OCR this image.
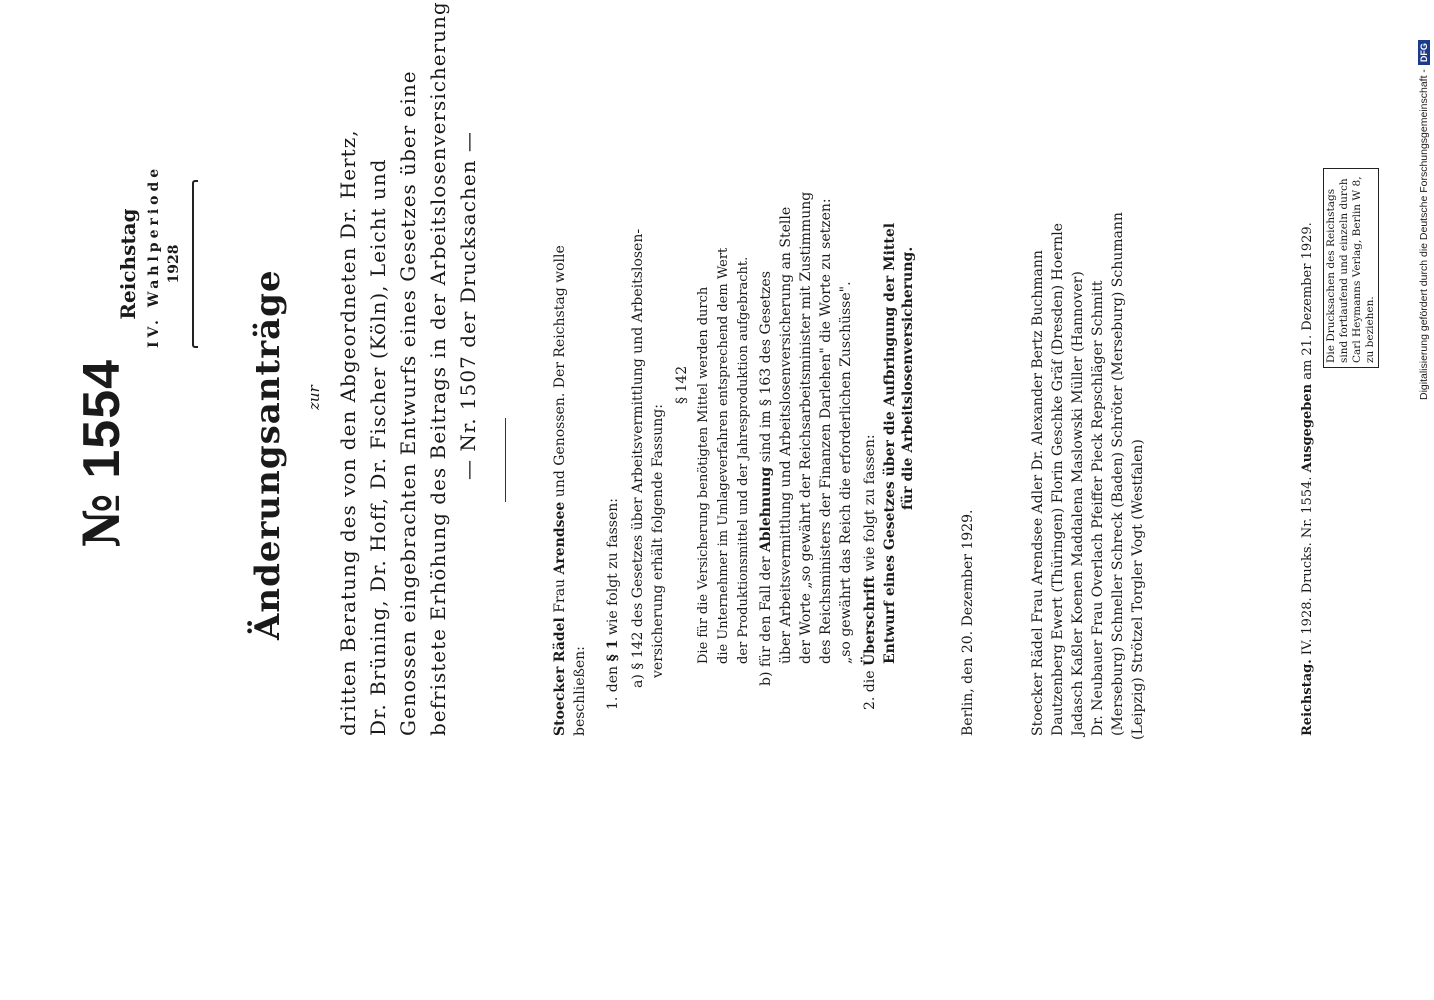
№1554
Reichstag IV. Wahlperiode 1928
Änderungsanträge zur dritten Beratung des von den Abgeordneten Dr. Hertz, Dr. Brüning, Dr. Hoff, Dr. Fischer (Köln), Leicht und Genossen eingebrachten Entwurfs eines Gesetzes über eine befristete Erhöhung des Beitrags in der Arbeitslosenversicherung — Nr. 1507 der Drucksachen —
Stoecker Rädel Frau Arendsee und Genossen. Der Reichstag wolle
beschließen: 1. den § 1 wie folgt zu fassen: a) § 142 des Gesetzes über Arbeitsvermittlung und Arbeitslosen- versicherung erhält folgende Fassung:
§ 142 Die für die Versicherung benötigten Mittel werden durch die Unternehmer im Umlageverfahren entsprechend dem Wert der Produktionsmittel und der Jahresproduktion aufgebracht. b) für den Fall der Ablehnung sind im § 163 des Gesetzes über Arbeitsvermittlung und Arbeitslosenversicherung an Stelle der Worte „so gewährt der Reichsarbeitsminister mit Zustimmung des Reichsministers der Finanzen Darlehen" die Worte zu setzen: „so gewährt das Reich die erforderlichen Zuschüsse".
2. die Überschrift wie folgt zu fassen: Entwurf eines Gesetzes über die Aufbringung der Mittel für die Arbeitslosenversicherung.
Berlin, den 20. Dezember 1929.	Stoecker Rädel Frau Arendsee Adler Dr. Alexander Bertz Buchmann Dautzenberg Ewert (Thüringen) Florin Geschke Gräf (Dresden) Hoernle Jadasch Kaßler Koenen Maddalena Maslowski Müller (Hannover) Dr. Neubauer Frau Overlach Pfeiffer Pieck Repschläger Schmitt (Merseburg) Schneller Schreck (Baden) Schröter (Merseburg) Schumann (Leipzig) Strötzel Torgler Vogt (Westfalen)	Reichstag. IV. 1928. Drucks. Nr. 1554. Ausgegeben am 21. Dezember 1929. Die Drucksachen des Reichstags sind fortlaufend und einzeln durch Carl Heymanns Verlag, Berlin W 8, zu beziehen.	Digitalisierung gefördert durch die Deutsche Forschungsgemeinschaft -DFG
